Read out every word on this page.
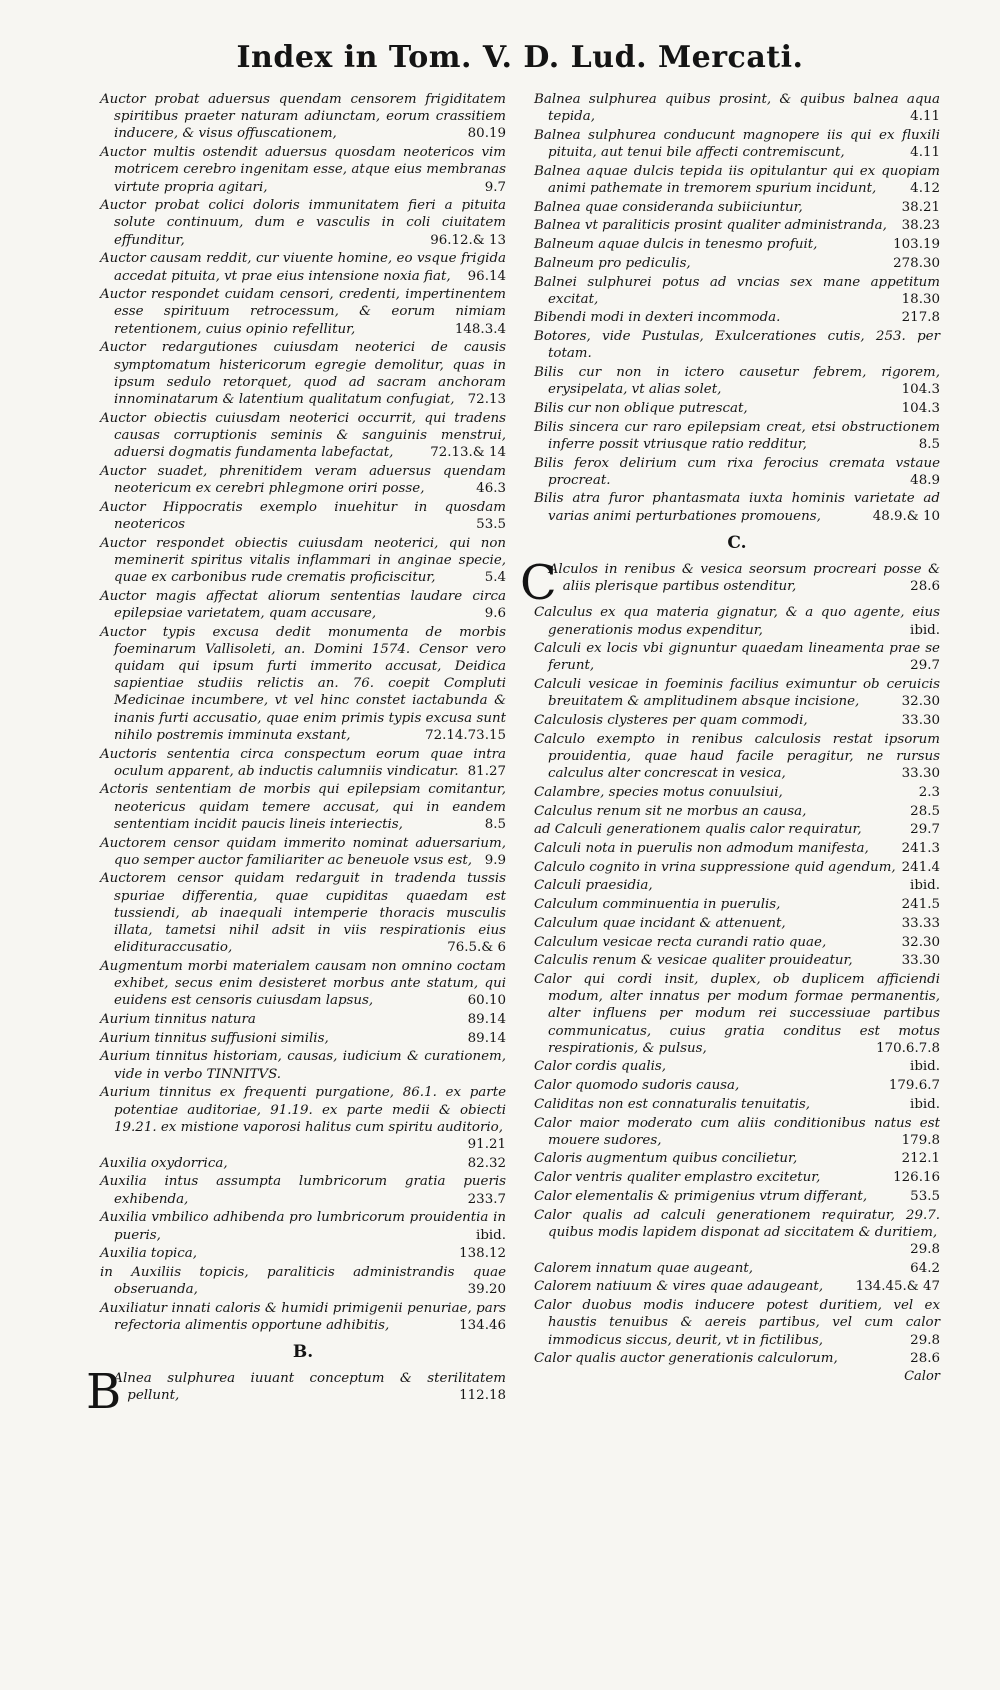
Index in Tom. V. D. Lud. Mercati.
Auctor probat aduersus quendam censorem frigiditatem spiritibus praeter naturam adiunctam, eorum crassitiem inducere, & visus offuscationem,	80.19
Auctor multis ostendit aduersus quosdam neotericos vim motricem cerebro ingenitam esse, atque eius membranas virtute propria agitari,	9.7
Auctor probat colici doloris immunitatem fieri a pituita solute continuum, dum e vasculis in coli ciuitatem effunditur,	96.12.& 13
Auctor causam reddit, cur viuente homine, eo vsque frigida accedat pituita, vt prae eius intensione noxia fiat, 96.14
Auctor respondet cuidam censori, credenti, impertinentem esse spirituum retrocessum, & eorum nimiam retentionem, cuius opinio refellitur,	148.3.4
Auctor redargutiones cuiusdam neoterici de causis symptomatum histericorum egregie demolitur, quas in ipsum sedulo retorquet, quod ad sacram anchoram innominatarum & latentium qualitatum confugiat, 72.13
Auctor obiectis cuiusdam neoterici occurrit, qui tradens causas corruptionis seminis & sanguinis menstrui, aduersi dogmatis fundamenta labefactat,	72.13.& 14
Auctor suadet, phrenitidem veram aduersus quendam neotericum ex cerebri phlegmone oriri posse,	46.3
Auctor Hippocratis exemplo inuehitur in quosdam neotericos	53.5
Auctor respondet obiectis cuiusdam neoterici, qui non meminerit spiritus vitalis inflammari in anginae specie, quae ex carbonibus rude crematis proficiscitur,	5.4
Auctor magis affectat aliorum sententias laudare circa epilepsiae varietatem, quam accusare,	9.6
Auctor typis excusa dedit monumenta de morbis foeminarum Vallisoleti, an. Domini 1574. Censor vero quidam qui ipsum furti immerito accusat, Deidica sapientiae studiis relictis an. 76. coepit Compluti Medicinae incumbere, vt vel hinc constet iactabunda & inanis furti accusatio, quae enim primis typis excusa sunt nihilo postremis imminuta exstant,	72.14.73.15
Auctoris sententia circa conspectum eorum quae intra oculum apparent, ab inductis calumniis vindicatur. 81.27
Actoris sententiam de morbis qui epilepsiam comitantur, neotericus quidam temere accusat, qui in eandem sententiam incidit paucis lineis interiectis,	8.5
Auctorem censor quidam immerito nominat aduersarium, quo semper auctor familiariter ac beneuole vsus est, 9.9
Auctorem censor quidam redarguit in tradenda tussis spuriae differentia, quae cupiditas quaedam est tussiendi, ab inaequali intemperie thoracis musculis illata, tametsi nihil adsit in viis respirationis eius elidituraccusatio,	76.5.& 6
Augmentum morbi materialem causam non omnino coctam exhibet, secus enim desisteret morbus ante statum, qui euidens est censoris cuiusdam lapsus,	60.10
Aurium tinnitus natura	89.14
Aurium tinnitus suffusioni similis,	89.14
Aurium tinnitus historiam, causas, iudicium & curationem, vide in verbo TINNITVS.
Aurium tinnitus ex frequenti purgatione, 86.1. ex parte potentiae auditoriae, 91.19. ex parte medii & obiecti 19.21. ex mistione vaporosi halitus cum spiritu auditorio,
91.21
Auxilia oxydorrica,	82.32
Auxilia intus assumpta lumbricorum gratia pueris exhibenda,	233.7
Auxilia vmbilico adhibenda pro lumbricorum prouidentia in pueris,	ibid.
Auxilia topica,	138.12
in Auxiliis topicis, paraliticis administrandis quae obseruanda,	39.20
Auxiliatur innati caloris & humidi primigenii penuriae, pars refectoria alimentis opportune adhibitis,	134.46
B.
B
Alnea sulphurea iuuant conceptum & sterilitatem pellunt,	112.18
Balnea sulphurea quibus prosint, & quibus balnea aqua tepida,	4.11
Balnea sulphurea conducunt magnopere iis qui ex fluxili pituita, aut tenui bile affecti contremiscunt,	4.11
Balnea aquae dulcis tepida iis opitulantur qui ex quopiam animi pathemate in tremorem spurium incidunt,	4.12
Balnea quae consideranda subiiciuntur,	38.21
Balnea vt paraliticis prosint qualiter administranda, 38.23
Balneum aquae dulcis in tenesmo profuit,	103.19
Balneum pro pediculis,	278.30
Balnei sulphurei potus ad vncias sex mane appetitum excitat,	18.30
Bibendi modi in dexteri incommoda.	217.8
Botores, vide Pustulas, Exulcerationes cutis, 253. per totam.
Bilis cur non in ictero causetur febrem, rigorem, erysipelata, vt alias solet,	104.3
Bilis cur non oblique putrescat,	104.3
Bilis sincera cur raro epilepsiam creat, etsi obstructionem inferre possit vtriusque ratio redditur,	8.5
Bilis ferox delirium cum rixa ferocius cremata vstaue procreat.	48.9
Bilis atra furor phantasmata iuxta hominis varietate ad varias animi perturbationes promouens,	48.9.& 10
C.
C
Alculos in renibus & vesica seorsum procreari posse & aliis plerisque partibus ostenditur,	28.6
Calculus ex qua materia gignatur, & a quo agente, eius generationis modus expenditur,	ibid.
Calculi ex locis vbi gignuntur quaedam lineamenta prae se ferunt,	29.7
Calculi vesicae in foeminis facilius eximuntur ob ceruicis breuitatem & amplitudinem absque incisione,	32.30
Calculosis clysteres per quam commodi,	33.30
Calculo exempto in renibus calculosis restat ipsorum prouidentia, quae haud facile peragitur, ne rursus calculus alter concrescat in vesica,	33.30
Calambre, species motus conuulsiui,	2.3
Calculus renum sit ne morbus an causa,	28.5
ad Calculi generationem qualis calor requiratur,	29.7
Calculi nota in puerulis non admodum manifesta, 241.3
Calculo cognito in vrina suppressione quid agendum, 241.4
Calculi praesidia,	ibid.
Calculum comminuentia in puerulis,	241.5
Calculum quae incidant & attenuent,	33.33
Calculum vesicae recta curandi ratio quae,	32.30
Calculis renum & vesicae qualiter prouideatur,	33.30
Calor qui cordi insit, duplex, ob duplicem afficiendi modum, alter innatus per modum formae permanentis, alter influens per modum rei successiuae partibus communicatus, cuius gratia conditus est motus respirationis, & pulsus,	170.6.7.8
Calor cordis qualis,	ibid.
Calor quomodo sudoris causa,	179.6.7
Caliditas non est connaturalis tenuitatis,	ibid.
Calor maior moderato cum aliis conditionibus natus est mouere sudores,	179.8
Caloris augmentum quibus concilietur,	212.1
Calor ventris qualiter emplastro excitetur,	126.16
Calor elementalis & primigenius vtrum differant,	53.5
Calor qualis ad calculi generationem requiratur, 29.7. quibus modis lapidem disponat ad siccitatem & duritiem,
29.8
Calorem innatum quae augeant,	64.2
Calorem natiuum & vires quae adaugeant, 134.45.& 47
Calor duobus modis inducere potest duritiem, vel ex haustis tenuibus & aereis partibus, vel cum calor immodicus siccus, deurit, vt in fictilibus,	29.8
Calor qualis auctor generationis calculorum,	28.6
Calor
